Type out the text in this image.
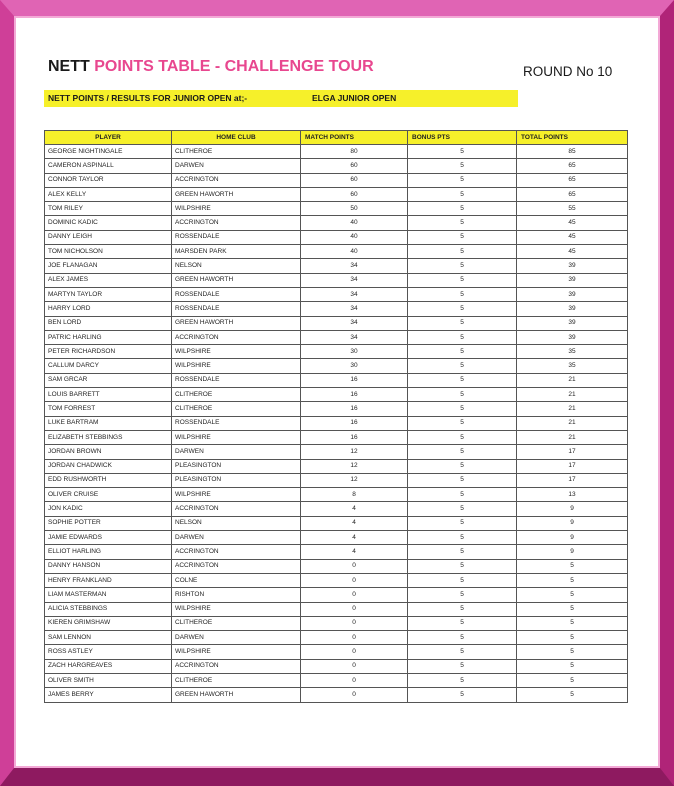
NETT POINTS TABLE - CHALLENGE TOUR	ROUND No 10
NETT POINTS / RESULTS FOR JUNIOR OPEN at;-	ELGA JUNIOR OPEN
PLAYER	HOME CLUB	MATCH POINTS	BONUS PTS	TOTAL POINTS
GEORGE NIGHTINGALE	CLITHEROE	80	5	85
CAMERON ASPINALL	DARWEN	60	5	65
CONNOR TAYLOR	ACCRINGTON	60	5	65
ALEX KELLY	GREEN HAWORTH	60	5	65
TOM RILEY	WILPSHIRE	50	5	55
DOMINIC KADIC	ACCRINGTON	40	5	45
DANNY LEIGH	ROSSENDALE	40	5	45
TOM NICHOLSON	MARSDEN PARK	40	5	45
JOE FLANAGAN	NELSON	34	5	39
ALEX JAMES	GREEN HAWORTH	34	5	39
MARTYN TAYLOR	ROSSENDALE	34	5	39
HARRY LORD	ROSSENDALE	34	5	39
BEN LORD	GREEN HAWORTH	34	5	39
PATRIC HARLING	ACCRINGTON	34	5	39
PETER RICHARDSON	WILPSHIRE	30	5	35
CALLUM DARCY	WILPSHIRE	30	5	35
SAM GRCAR	ROSSENDALE	16	5	21
LOUIS BARRETT	CLITHEROE	16	5	21
TOM FORREST	CLITHEROE	16	5	21
LUKE BARTRAM	ROSSENDALE	16	5	21
ELIZABETH STEBBINGS	WILPSHIRE	16	5	21
JORDAN BROWN	DARWEN	12	5	17
JORDAN CHADWICK	PLEASINGTON	12	5	17
EDD RUSHWORTH	PLEASINGTON	12	5	17
OLIVER CRUISE	WILPSHIRE	8	5	13
JON KADIC	ACCRINGTON	4	5	9
SOPHIE POTTER	NELSON	4	5	9
JAMIE EDWARDS	DARWEN	4	5	9
ELLIOT HARLING	ACCRINGTON	4	5	9
DANNY HANSON	ACCRINGTON	0	5	5
HENRY FRANKLAND	COLNE	0	5	5
LIAM MASTERMAN	RISHTON	0	5	5
ALICIA STEBBINGS	WILPSHIRE	0	5	5
KIEREN GRIMSHAW	CLITHEROE	0	5	5
SAM LENNON	DARWEN	0	5	5
ROSS ASTLEY	WILPSHIRE	0	5	5
ZACH HARGREAVES	ACCRINGTON	0	5	5
OLIVER SMITH	CLITHEROE	0	5	5
JAMES BERRY	GREEN HAWORTH	0	5	5
